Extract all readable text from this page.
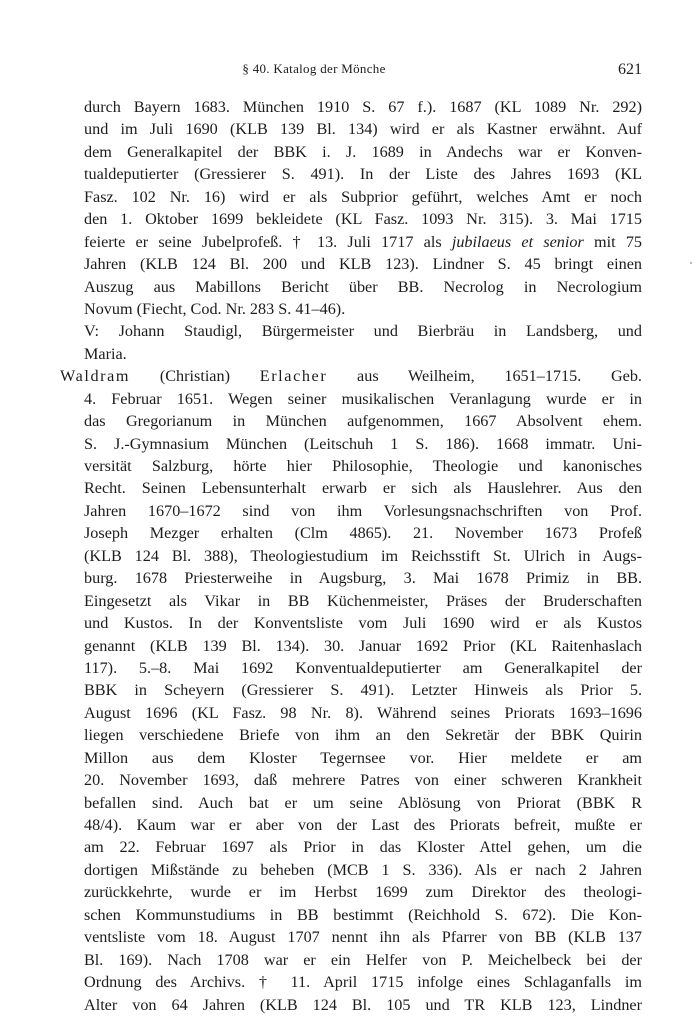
§ 40. Katalog der Mönche	621
durch Bayern 1683. München 1910 S. 67 f.). 1687 (KL 1089 Nr. 292)
und im Juli 1690 (KLB 139 Bl. 134) wird er als Kastner erwähnt. Auf
dem Generalkapitel der BBK i. J. 1689 in Andechs war er Konven-
tualdeputierter (Gressierer S. 491). In der Liste des Jahres 1693 (KL
Fasz. 102 Nr. 16) wird er als Subprior geführt, welches Amt er noch
den 1. Oktober 1699 bekleidete (KL Fasz. 1093 Nr. 315). 3. Mai 1715
feierte er seine Jubelprofeß. † 13. Juli 1717 als jubilaeus et senior mit 75
Jahren (KLB 124 Bl. 200 und KLB 123). Lindner S. 45 bringt einen
Auszug aus Mabillons Bericht über BB. Necrolog in Necrologium
Novum (Fiecht, Cod. Nr. 283 S. 41–46).
V: Johann Staudigl, Bürgermeister und Bierbräu in Landsberg, und
Maria.
Waldram (Christian) Erlacher aus Weilheim, 1651–1715. Geb.
4. Februar 1651. Wegen seiner musikalischen Veranlagung wurde er in
das Gregorianum in München aufgenommen, 1667 Absolvent ehem.
S. J.-Gymnasium München (Leitschuh 1 S. 186). 1668 immatr. Uni-
versität Salzburg, hörte hier Philosophie, Theologie und kanonisches
Recht. Seinen Lebensunterhalt erwarb er sich als Hauslehrer. Aus den
Jahren 1670–1672 sind von ihm Vorlesungsnachschriften von Prof.
Joseph Mezger erhalten (Clm 4865). 21. November 1673 Profeß
(KLB 124 Bl. 388), Theologiestudium im Reichsstift St. Ulrich in Augs-
burg. 1678 Priesterweihe in Augsburg, 3. Mai 1678 Primiz in BB.
Eingesetzt als Vikar in BB Küchenmeister, Präses der Bruderschaften
und Kustos. In der Konventsliste vom Juli 1690 wird er als Kustos
genannt (KLB 139 Bl. 134). 30. Januar 1692 Prior (KL Raitenhaslach
117). 5.–8. Mai 1692 Konventualdeputierter am Generalkapitel der
BBK in Scheyern (Gressierer S. 491). Letzter Hinweis als Prior 5.
August 1696 (KL Fasz. 98 Nr. 8). Während seines Priorats 1693–1696
liegen verschiedene Briefe von ihm an den Sekretär der BBK Quirin
Millon aus dem Kloster Tegernsee vor. Hier meldete er am
20. November 1693, daß mehrere Patres von einer schweren Krankheit
befallen sind. Auch bat er um seine Ablösung von Priorat (BBK R
48/4). Kaum war er aber von der Last des Priorats befreit, mußte er
am 22. Februar 1697 als Prior in das Kloster Attel gehen, um die
dortigen Mißstände zu beheben (MCB 1 S. 336). Als er nach 2 Jahren
zurückkehrte, wurde er im Herbst 1699 zum Direktor des theologi-
schen Kommunstudiums in BB bestimmt (Reichhold S. 672). Die Kon-
ventsliste vom 18. August 1707 nennt ihn als Pfarrer von BB (KLB 137
Bl. 169). Nach 1708 war er ein Helfer von P. Meichelbeck bei der
Ordnung des Archivs. † 11. April 1715 infolge eines Schlaganfalls im
Alter von 64 Jahren (KLB 124 Bl. 105 und TR KLB 123, Lindner
